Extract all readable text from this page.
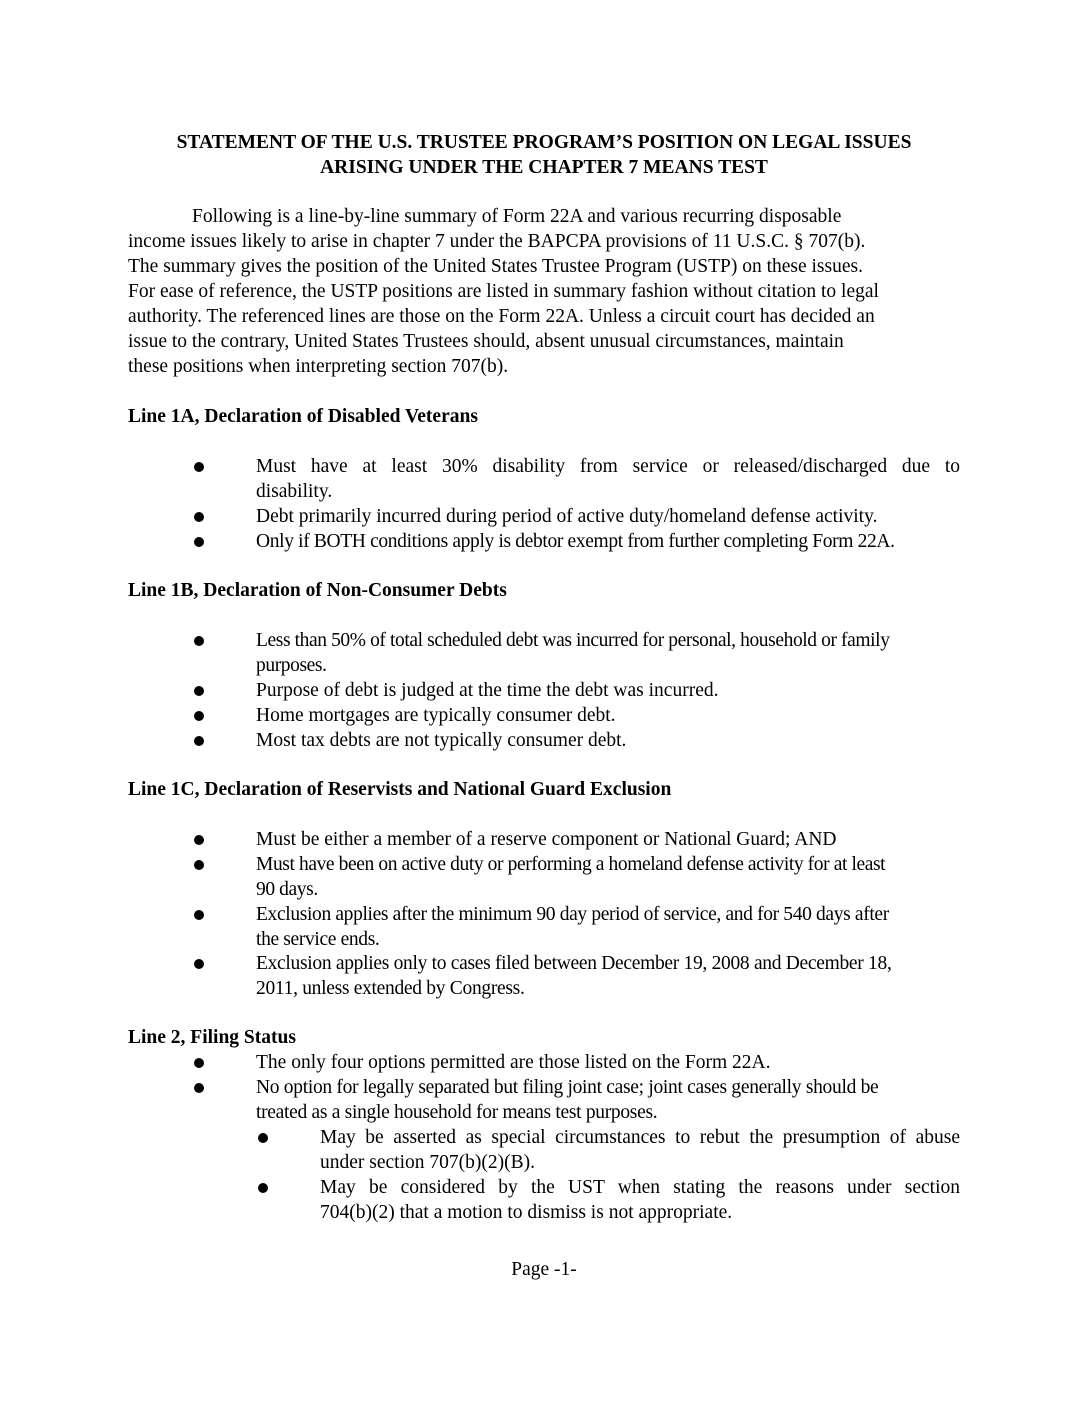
STATEMENT OF THE U.S. TRUSTEE PROGRAM’S POSITION ON LEGAL ISSUES
ARISING UNDER THE CHAPTER 7 MEANS TEST
Following is a line-by-line summary of Form 22A and various recurring disposable
income issues likely to arise in chapter 7 under the BAPCPA provisions of 11 U.S.C. § 707(b).
The summary gives the position of the United States Trustee Program (USTP) on these issues.
For ease of reference, the USTP positions are listed in summary fashion without citation to legal
authority. The referenced lines are those on the Form 22A. Unless a circuit court has decided an
issue to the contrary, United States Trustees should, absent unusual circumstances, maintain
these positions when interpreting section 707(b).
Line 1A, Declaration of Disabled Veterans
Must have at least 30% disability from service or released/discharged due to
disability.
Debt primarily incurred during period of active duty/homeland defense activity.
Only if BOTH conditions apply is debtor exempt from further completing Form 22A.
Line 1B, Declaration of Non-Consumer Debts
Less than 50% of total scheduled debt was incurred for personal, household or family
purposes.
Purpose of debt is judged at the time the debt was incurred.
Home mortgages are typically consumer debt.
Most tax debts are not typically consumer debt.
Line 1C, Declaration of Reservists and National Guard Exclusion
Must be either a member of a reserve component or National Guard; AND
Must have been on active duty or performing a homeland defense activity for at least
90 days.
Exclusion applies after the minimum 90 day period of service, and for 540 days after
the service ends.
Exclusion applies only to cases filed between December 19, 2008 and December 18,
2011, unless extended by Congress.
Line 2, Filing Status
The only four options permitted are those listed on the Form 22A.
No option for legally separated but filing joint case; joint cases generally should be
treated as a single household for means test purposes.
May be asserted as special circumstances to rebut the presumption of abuse
under section 707(b)(2)(B).
May be considered by the UST when stating the reasons under section
704(b)(2) that a motion to dismiss is not appropriate.
Page -1-
